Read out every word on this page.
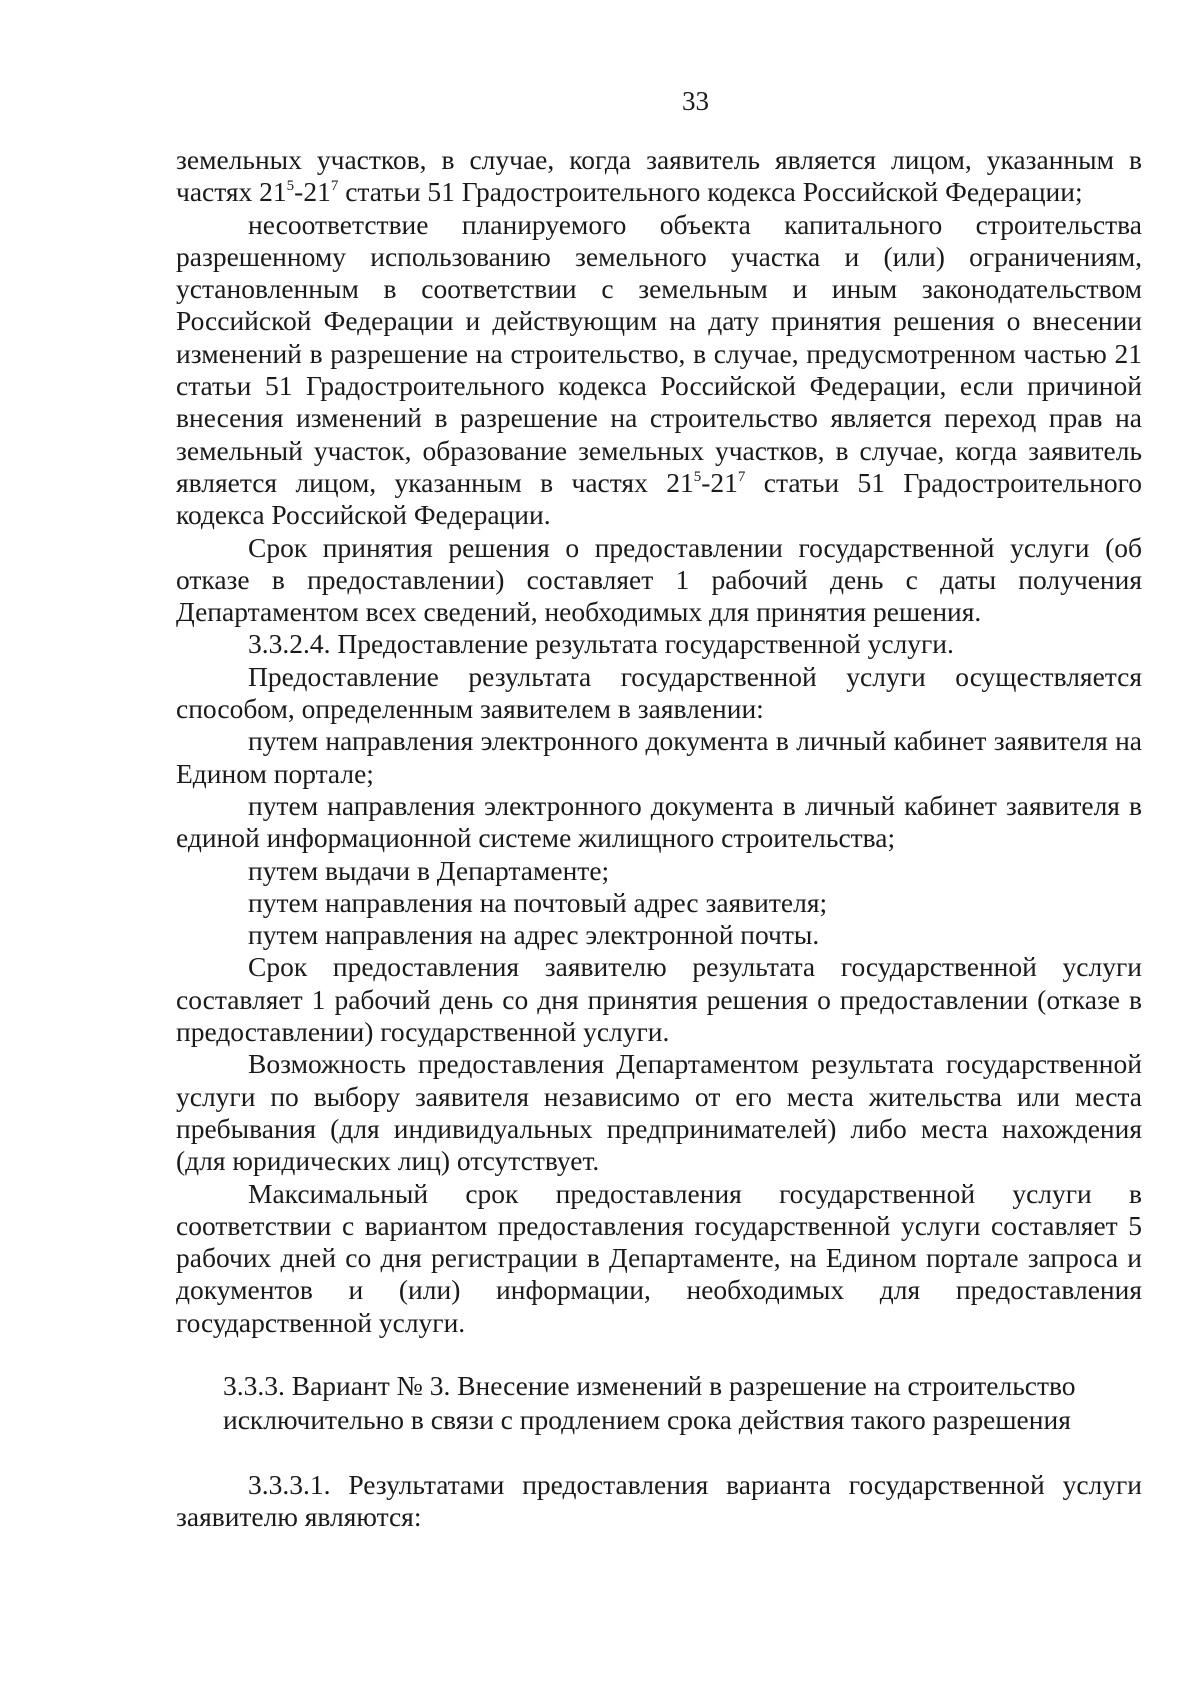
33

земельных участков, в случае, когда заявитель является лицом, указанным в частях $21^5-21^7$ статьи 51 Градостроительного кодекса Российской Федерации;

несоответствие планируемого объекта капитального строительства разрешенному использованию земельного участка и (или) ограничениям, установленным в соответствии с земельным и иным законодательством Российской Федерации и действующим на дату принятия решения о внесении изменений в разрешение на строительство, в случае, предусмотренном частью 21 статьи 51 Градостроительного кодекса Российской Федерации, если причиной внесения изменений в разрешение на строительство является переход прав на земельный участок, образование земельных участков, в случае, когда заявитель является лицом, указанным в частях $21^5-21^7$ статьи 51 Градостроительного кодекса Российской Федерации.

Срок принятия решения о предоставлении государственной услуги (об отказе в предоставлении) составляет 1 рабочий день с даты получения Департаментом всех сведений, необходимых для принятия решения.

3.3.2.4. Предоставление результата государственной услуги.

Предоставление результата государственной услуги осуществляется способом, определенным заявителем в заявлении:

путем направления электронного документа в личный кабинет заявителя на Едином портале;

путем направления электронного документа в личный кабинет заявителя в единой информационной системе жилищного строительства;

путем выдачи в Департаменте;

путем направления на почтовый адрес заявителя;

путем направления на адрес электронной почты.

Срок предоставления заявителю результата государственной услуги составляет 1 рабочий день со дня принятия решения о предоставлении (отказе в предоставлении) государственной услуги.

Возможность предоставления Департаментом результата государственной услуги по выбору заявителя независимо от его места жительства или места пребывания (для индивидуальных предпринимателей) либо места нахождения (для юридических лиц) отсутствует.

Максимальный срок предоставления государственной услуги в соответствии с вариантом предоставления государственной услуги составляет 5 рабочих дней со дня регистрации в Департаменте, на Едином портале запроса и документов и (или) информации, необходимых для предоставления государственной услуги.

3.3.3. Вариант № 3. Внесение изменений в разрешение на строительство
исключительно в связи с продлением срока действия такого разрешения

3.3.3.1. Результатами предоставления варианта государственной услуги заявителю являются:
